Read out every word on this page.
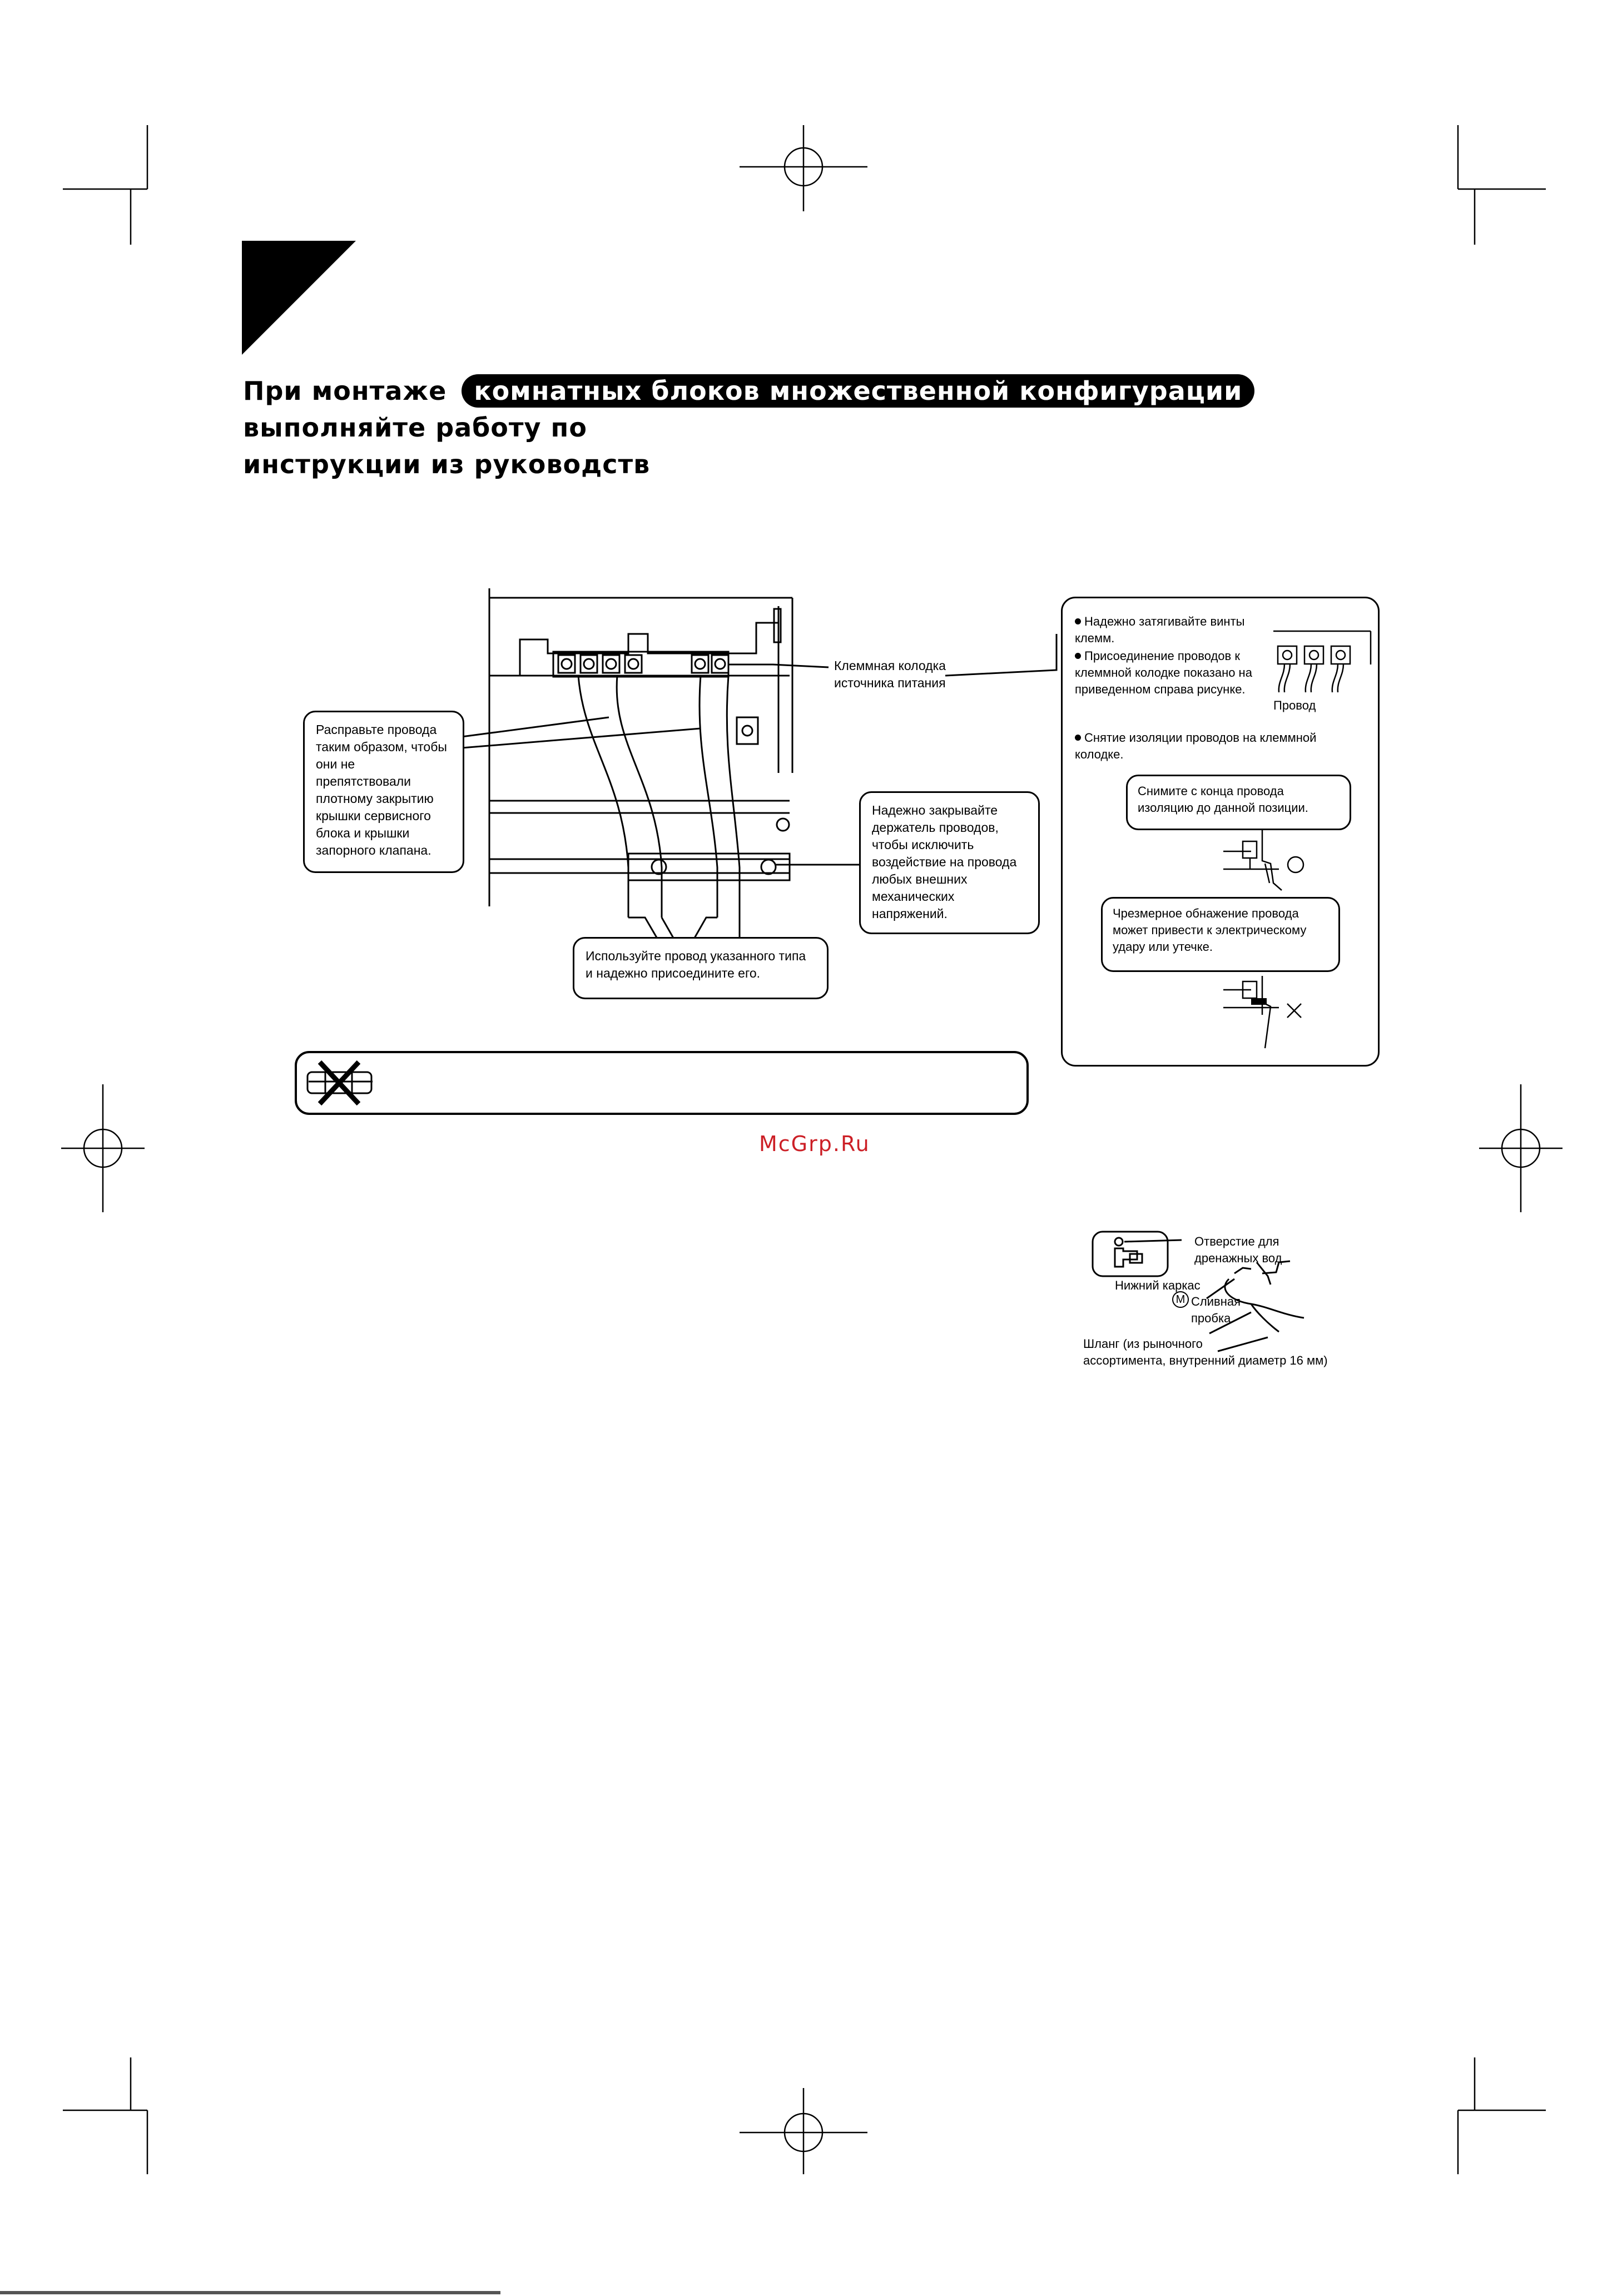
При монтаже комнатных блоков множественной конфигурации выполняйте работу по
инструкции из руководств
Клеммная колодка
источника питания
Расправьте провода таким образом, чтобы они не препятствовали плотному закрытию крышки сервисного блока и крышки запорного клапана.
Надежно закрывайте держатель проводов, чтобы исключить воздействие на провода любых внешних механических напряжений.
Используйте провод указанного типа и надежно присоедините его.
Надежно затягивайте винты клемм.
Присоединение проводов к клеммной колодке показано на приведенном справа рисунке.
Провод
Снятие изоляции проводов на клеммной колодке.
Снимите с конца провода изоляцию до данной позиции.
Чрезмерное обнажение провода может привести к электрическому удару или утечке.
McGrp.Ru
Отверстие для
дренажных вод
Нижний каркас
M Сливная
пробка
Шланг (из рыночного
ассортимента, внутренний диаметр 16 мм)
